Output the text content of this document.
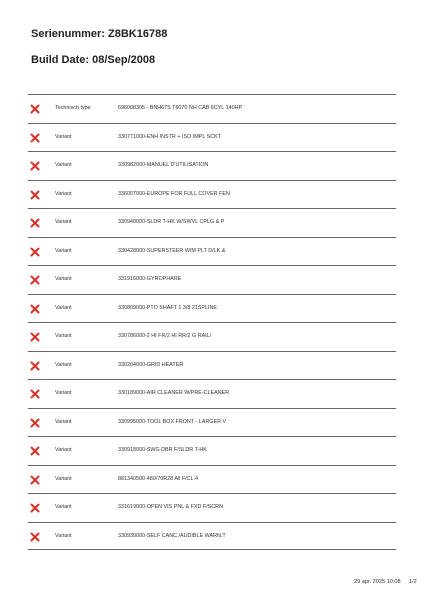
Serienummer: Z8BK16788
Build Date: 08/Sep/2008
Technisch type	696008305 - BNH67S T6070 NH CAB 6CYL 140HP
Variant	330771000-ENH INSTR + ISO IMPL SCKT
Variant	330982000-MANUEL D'UTILISATION
Variant	336007000-EUROPE FOR FULL COVER FEN
Variant	330940000-SLDR T-HK W/SWVL CPLG & P
Variant	330428000-SUPERSTEER W/M PLT D/LK &
Variant	331916000-GYROPHARE
Variant	330809000-PTO SHAFT 1 3/8 21SPLINE
Variant	330786000-2 HI FR/2 HI RR/2 G RAIL/
Variant	330204000-GRID HEATER
Variant	330189000-AIR CLEANER W/PRE-CLEANER
Variant	330995000-TOOL BOX FRONT - LARGER V
Variant	330918000-SWG DBR F/SLDR T-HK
Variant	881340500-480/70R28 All F/CL.4
Variant	331619000-OPEN VIS PNL & FXD F/SCRN
Variant	330930000-SELF CANC./AUDIBLE WARN.T
29 apr. 2025 10:08 1/2
